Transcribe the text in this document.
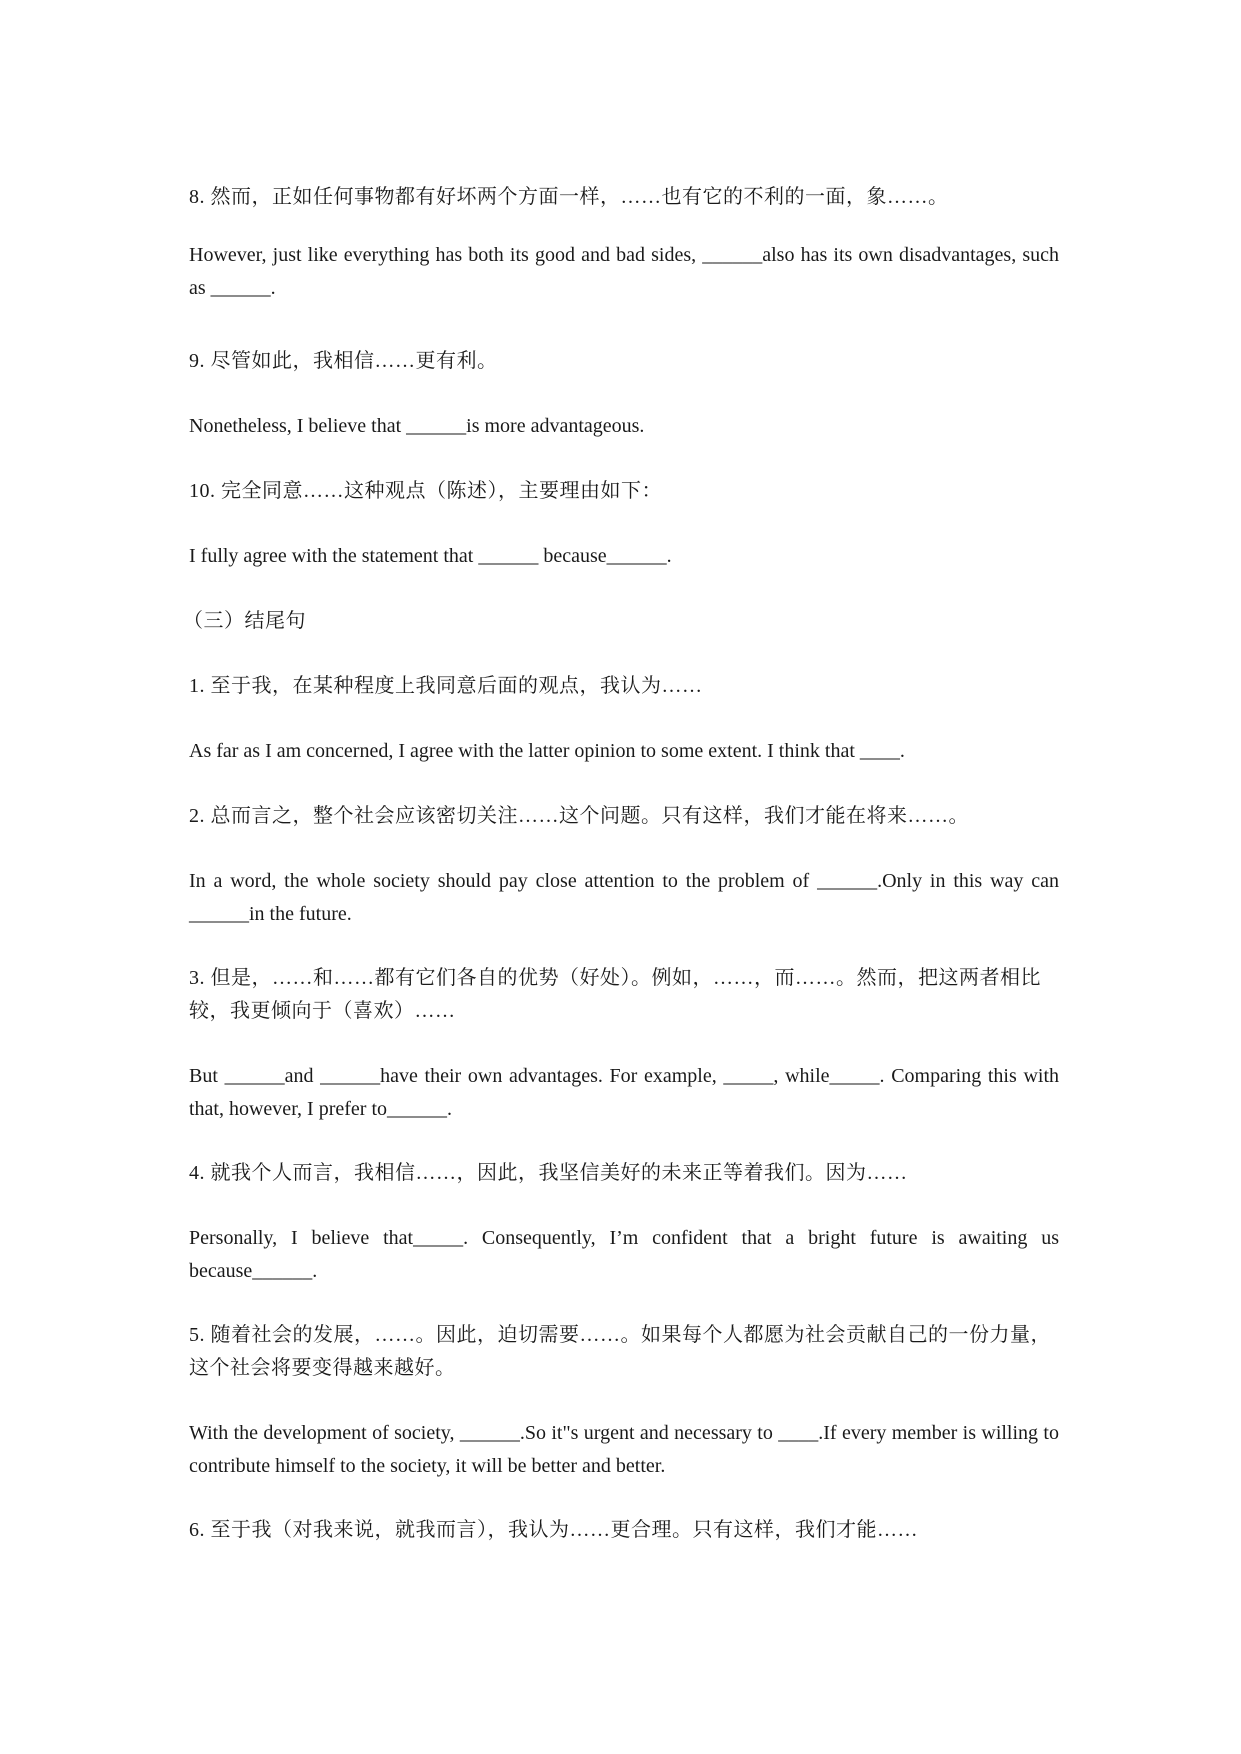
8. 然而，正如任何事物都有好坏两个方面一样，……也有它的不利的一面，象……。

However, just like everything has both its good and bad sides, ______also has its own disadvantages, such as ______.

9. 尽管如此，我相信……更有利。

Nonetheless, I believe that ______is more advantageous.

10. 完全同意……这种观点（陈述），主要理由如下：

I fully agree with the statement that ______ because______.

（三）结尾句

1. 至于我，在某种程度上我同意后面的观点，我认为……

As far as I am concerned, I agree with the latter opinion to some extent. I think that ____.

2. 总而言之，整个社会应该密切关注……这个问题。只有这样，我们才能在将来……。

In a word, the whole society should pay close attention to the problem of ______.Only in this way can ______in the future.

3. 但是，……和……都有它们各自的优势（好处）。例如，……，而……。然而，把这两者相比较，我更倾向于（喜欢）……

But ______and ______have their own advantages. For example, _____, while_____. Comparing this with that, however, I prefer to______.

4. 就我个人而言，我相信……，因此，我坚信美好的未来正等着我们。因为……

Personally, I believe that_____. Consequently, I’m confident that a bright future is awaiting us because______.

5. 随着社会的发展，……。因此，迫切需要……。如果每个人都愿为社会贡献自己的一份力量，这个社会将要变得越来越好。

With the development of society, ______.So it"s urgent and necessary to ____.If every member is willing to contribute himself to the society, it will be better and better.

6. 至于我（对我来说，就我而言），我认为……更合理。只有这样，我们才能……
